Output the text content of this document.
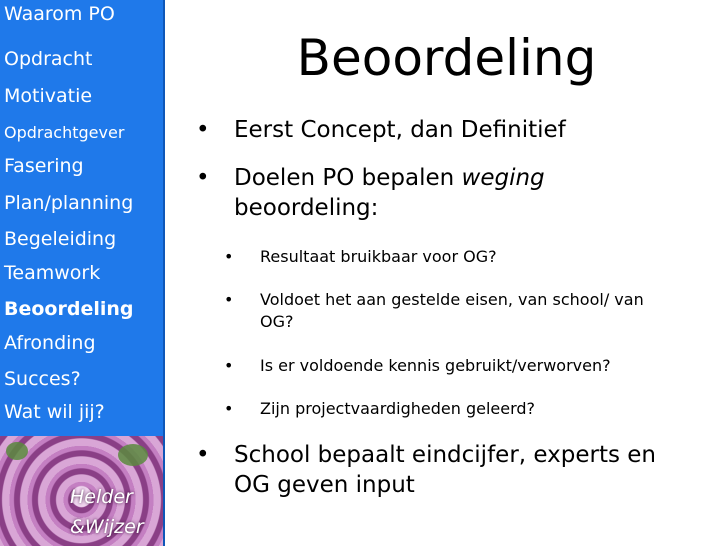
Waarom PO
Opdracht
Motivatie
Opdrachtgever
Fasering
Plan/planning
Begeleiding
Teamwork
Beoordeling
Afronding
Succes?
Wat wil jij?
Helder
&Wijzer
Beoordeling
• Eerst Concept, dan Definitief
• Doelen PO bepalen weging
beoordeling:
• Resultaat bruikbaar voor OG?
• Voldoet het aan gestelde eisen, van school/ van OG?
• Is er voldoende kennis gebruikt/verworven?
• Zijn projectvaardigheden geleerd?
• School bepaalt eindcijfer, experts en OG geven input
